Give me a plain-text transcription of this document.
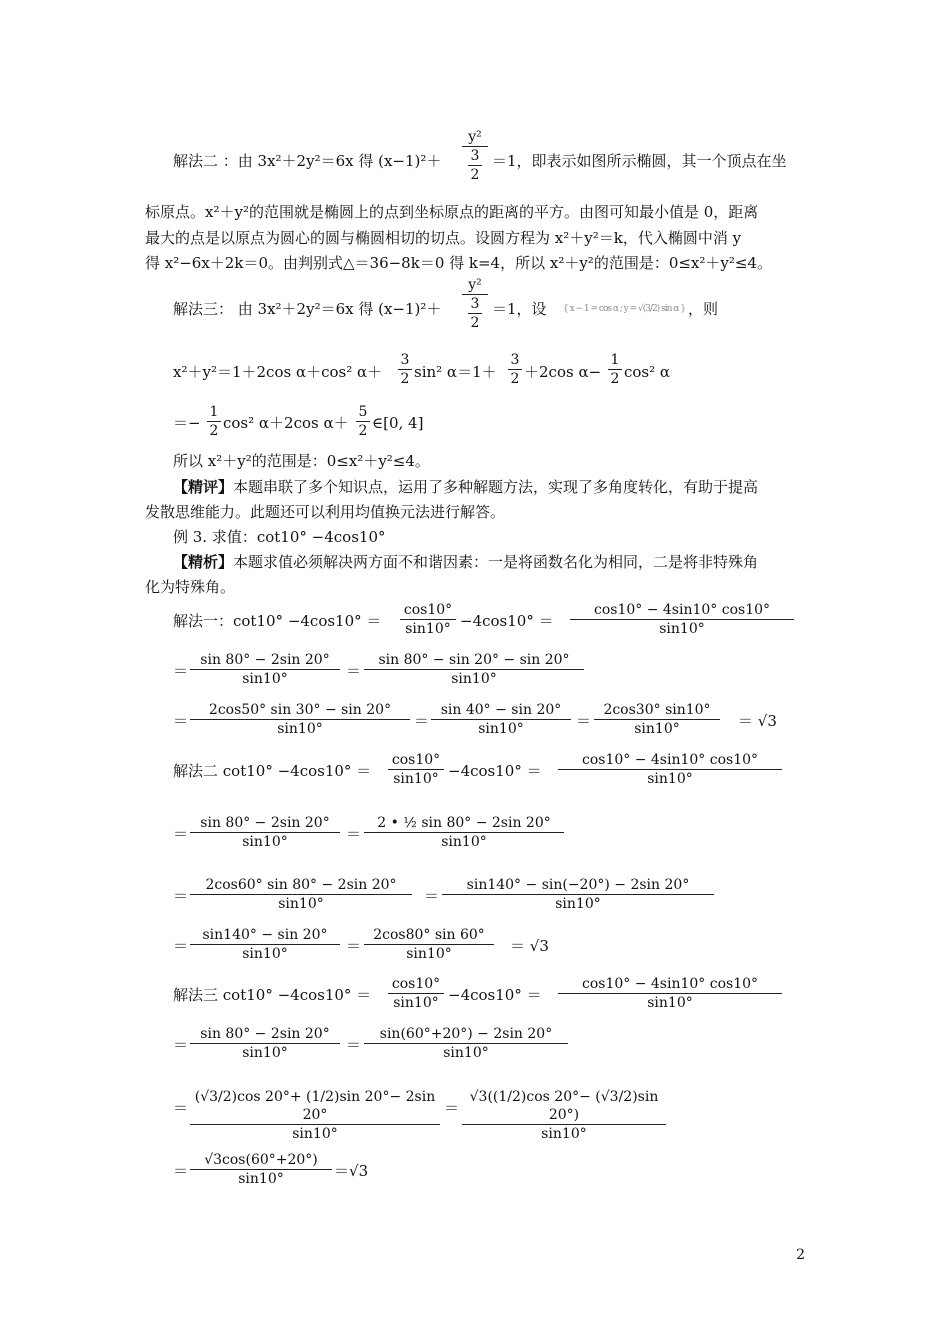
解法二 ：由 3x²＋2y²＝6x 得 (x−1)²＋
y²
3
2
＝1，即表示如图所示椭圆，其一个顶点在坐
标原点。x²＋y²的范围就是椭圆上的点到坐标原点的距离的平方。由图可知最小值是 0，距离
最大的点是以原点为圆心的圆与椭圆相切的切点。设圆方程为 x²＋y²＝k，代入椭圆中消 y
得 x²−6x＋2k＝0。由判别式△＝36−8k＝0 得 k=4，所以 x²＋y²的范围是：0≤x²＋y²≤4。
解法三： 由 3x²＋2y²＝6x 得 (x−1)²＋
y²
3
2
＝1，设 { x − 1 = cos α ; y = √(3/2) sin α } ，则
x²＋y²＝1＋2cos α＋cos² α＋
3
2 sin² α＝1＋
3
2 ＋2cos α−
1
2 cos² α
＝−
1
2 cos² α＋2cos α＋
5
2 ∈[0, 4]
所以 x²＋y²的范围是：0≤x²＋y²≤4。
【精评】本题串联了多个知识点，运用了多种解题方法，实现了多角度转化，有助于提高
发散思维能力。此题还可以利用均值换元法进行解答。
例 3. 求值：cot10° −4cos10°
【精析】本题求值必须解决两方面不和谐因素：一是将函数名化为相同，二是将非特殊角
化为特殊角。
解法一：cot10° −4cos10° ＝
cos10°
sin10° −4cos10° ＝
cos10° − 4sin10° cos10°
sin10°
＝
sin 80° − 2sin 20°
sin10°	＝
sin 80° − sin 20° − sin 20°
sin10°
＝
2cos50° sin 30° − sin 20°
sin10°	＝
sin 40° − sin 20°
sin10°	＝
2cos30° sin10°
sin10°	＝ √3
解法二 cot10° −4cos10° ＝
cos10°
sin10° −4cos10° ＝
cos10° − 4sin10° cos10°
sin10°
＝
sin 80° − 2sin 20°
sin10°	＝
2 • ½ sin 80° − 2sin 20°
sin10°
＝
2cos60° sin 80° − 2sin 20°
sin10°	＝
sin140° − sin(−20°) − 2sin 20°
sin10°
＝
sin140° − sin 20°
sin10°	＝
2cos80° sin 60°
sin10°	＝ √3
解法三 cot10° −4cos10° ＝
cos10°
sin10° −4cos10° ＝
cos10° − 4sin10° cos10°
sin10°
＝
sin 80° − 2sin 20°
sin10°	＝
sin(60°+20°) − 2sin 20°
sin10°
＝
(√3/2)cos 20°+ (1/2)sin 20°− 2sin 20°
sin10°
＝
√3((1/2)cos 20°− (√3/2)sin 20°)
sin10°
＝
√3cos(60°+20°)
sin10°	＝√3
2
